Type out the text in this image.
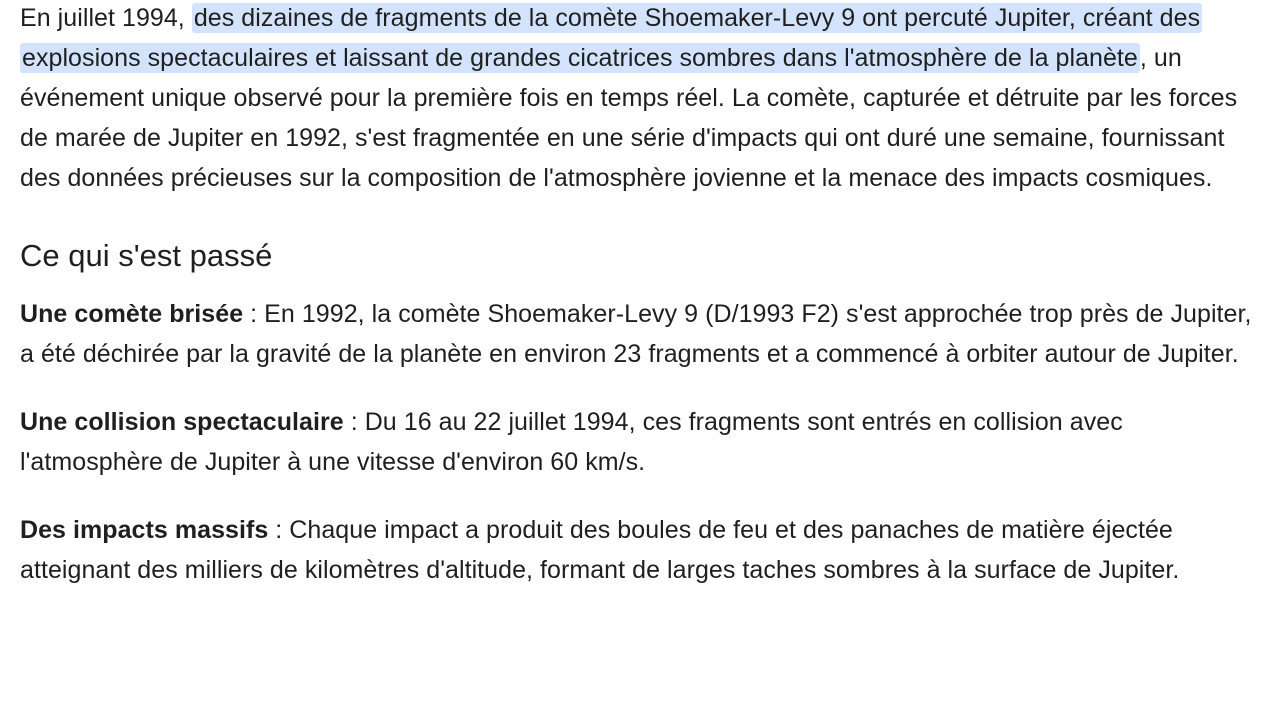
En juillet 1994, des dizaines de fragments de la comète Shoemaker-Levy 9 ont percuté Jupiter, créant des explosions spectaculaires et laissant de grandes cicatrices sombres dans l'atmosphère de la planète, un événement unique observé pour la première fois en temps réel. La comète, capturée et détruite par les forces de marée de Jupiter en 1992, s'est fragmentée en une série d'impacts qui ont duré une semaine, fournissant des données précieuses sur la composition de l'atmosphère jovienne et la menace des impacts cosmiques.

Ce qui s'est passé

Une comète brisée : En 1992, la comète Shoemaker-Levy 9 (D/1993 F2) s'est approchée trop près de Jupiter, a été déchirée par la gravité de la planète en environ 23 fragments et a commencé à orbiter autour de Jupiter.

Une collision spectaculaire : Du 16 au 22 juillet 1994, ces fragments sont entrés en collision avec l'atmosphère de Jupiter à une vitesse d'environ 60 km/s.

Des impacts massifs : Chaque impact a produit des boules de feu et des panaches de matière éjectée atteignant des milliers de kilomètres d'altitude, formant de larges taches sombres à la surface de Jupiter.
